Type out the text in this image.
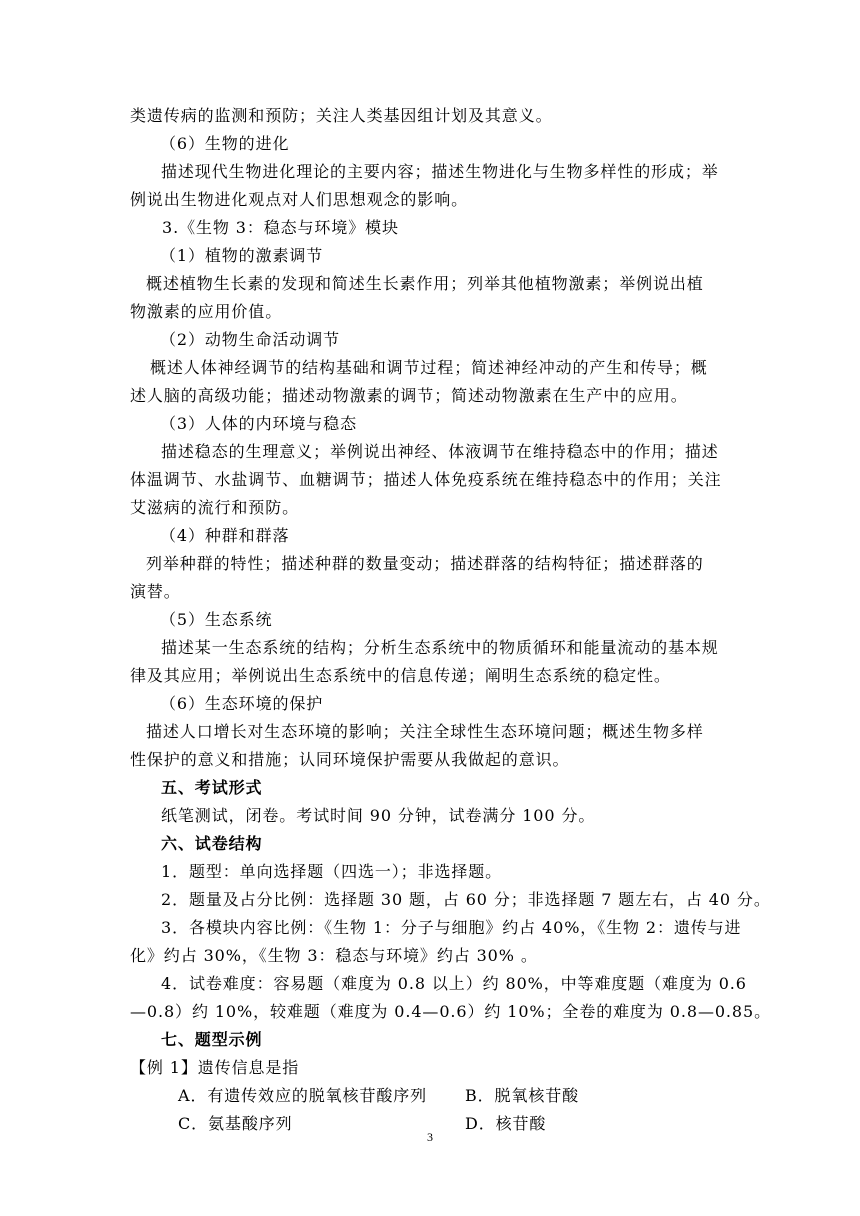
类遗传病的监测和预防；关注人类基因组计划及其意义。
（6）生物的进化
描述现代生物进化理论的主要内容；描述生物进化与生物多样性的形成；举
例说出生物进化观点对人们思想观念的影响。
3.《生物 3：稳态与环境》模块
（1）植物的激素调节
概述植物生长素的发现和简述生长素作用；列举其他植物激素；举例说出植
物激素的应用价值。
（2）动物生命活动调节
概述人体神经调节的结构基础和调节过程；简述神经冲动的产生和传导；概
述人脑的高级功能；描述动物激素的调节；简述动物激素在生产中的应用。
（3）人体的内环境与稳态
描述稳态的生理意义；举例说出神经、体液调节在维持稳态中的作用；描述
体温调节、水盐调节、血糖调节；描述人体免疫系统在维持稳态中的作用；关注
艾滋病的流行和预防。
（4）种群和群落
列举种群的特性；描述种群的数量变动；描述群落的结构特征；描述群落的
演替。
（5）生态系统
描述某一生态系统的结构；分析生态系统中的物质循环和能量流动的基本规
律及其应用；举例说出生态系统中的信息传递；阐明生态系统的稳定性。
（6）生态环境的保护
描述人口增长对生态环境的影响；关注全球性生态环境问题；概述生物多样
性保护的意义和措施；认同环境保护需要从我做起的意识。
五、考试形式
纸笔测试，闭卷。考试时间 90 分钟，试卷满分 100 分。
六、试卷结构
1．题型：单向选择题（四选一）；非选择题。
2．题量及占分比例：选择题 30 题，占 60 分；非选择题 7 题左右，占 40 分。
3．各模块内容比例：《生物 1：分子与细胞》约占 40%，《生物 2：遗传与进
化》约占 30%，《生物 3：稳态与环境》约占 30% 。
4．试卷难度：容易题（难度为 0.8 以上）约 80%，中等难度题（难度为 0.6
—0.8）约 10%，较难题（难度为 0.4—0.6）约 10%；全卷的难度为 0.8—0.85。
七、题型示例
【例 1】遗传信息是指
A．有遗传效应的脱氧核苷酸序列 B．脱氧核苷酸
C．氨基酸序列	D．核苷酸
3
